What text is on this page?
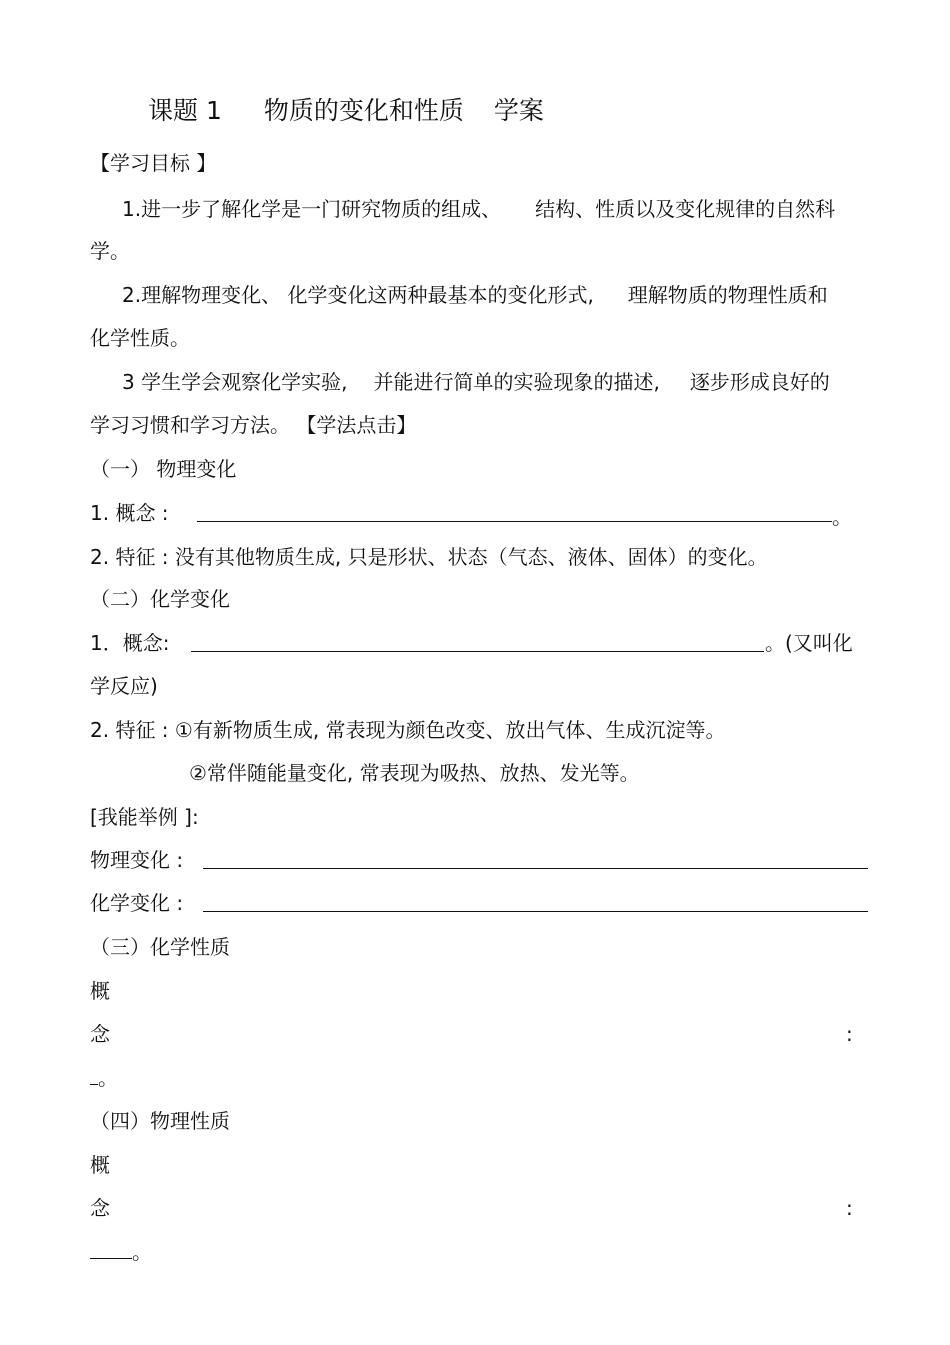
课题 1 物质的变化和性质 学案
【学习目标 】
1.进一步了解化学是一门研究物质的组成、 结构、性质以及变化规律的自然科
学。
2.理解物理变化、 化学变化这两种最基本的变化形式, 理解物质的物理性质和
化学性质。
3 学生学会观察化学实验, 并能进行简单的实验现象的描述, 逐步形成良好的
学习习惯和学习方法。 【学法点击】
（一） 物理变化
1. 概念 :	。
2. 特征 : 没有其他物质生成, 只是形状、状态（气态、液体、固体）的变化。
（二）化学变化
1．概念:	。(又叫化
学反应)
2. 特征 : ①有新物质生成, 常表现为颜色改变、放出气体、生成沉淀等。
②常伴随能量变化, 常表现为吸热、放热、发光等。
[我能举例 ]:
物理变化 :
化学变化 :
（三）化学性质
概
念	:
。
（四）物理性质
概
念	:
。
